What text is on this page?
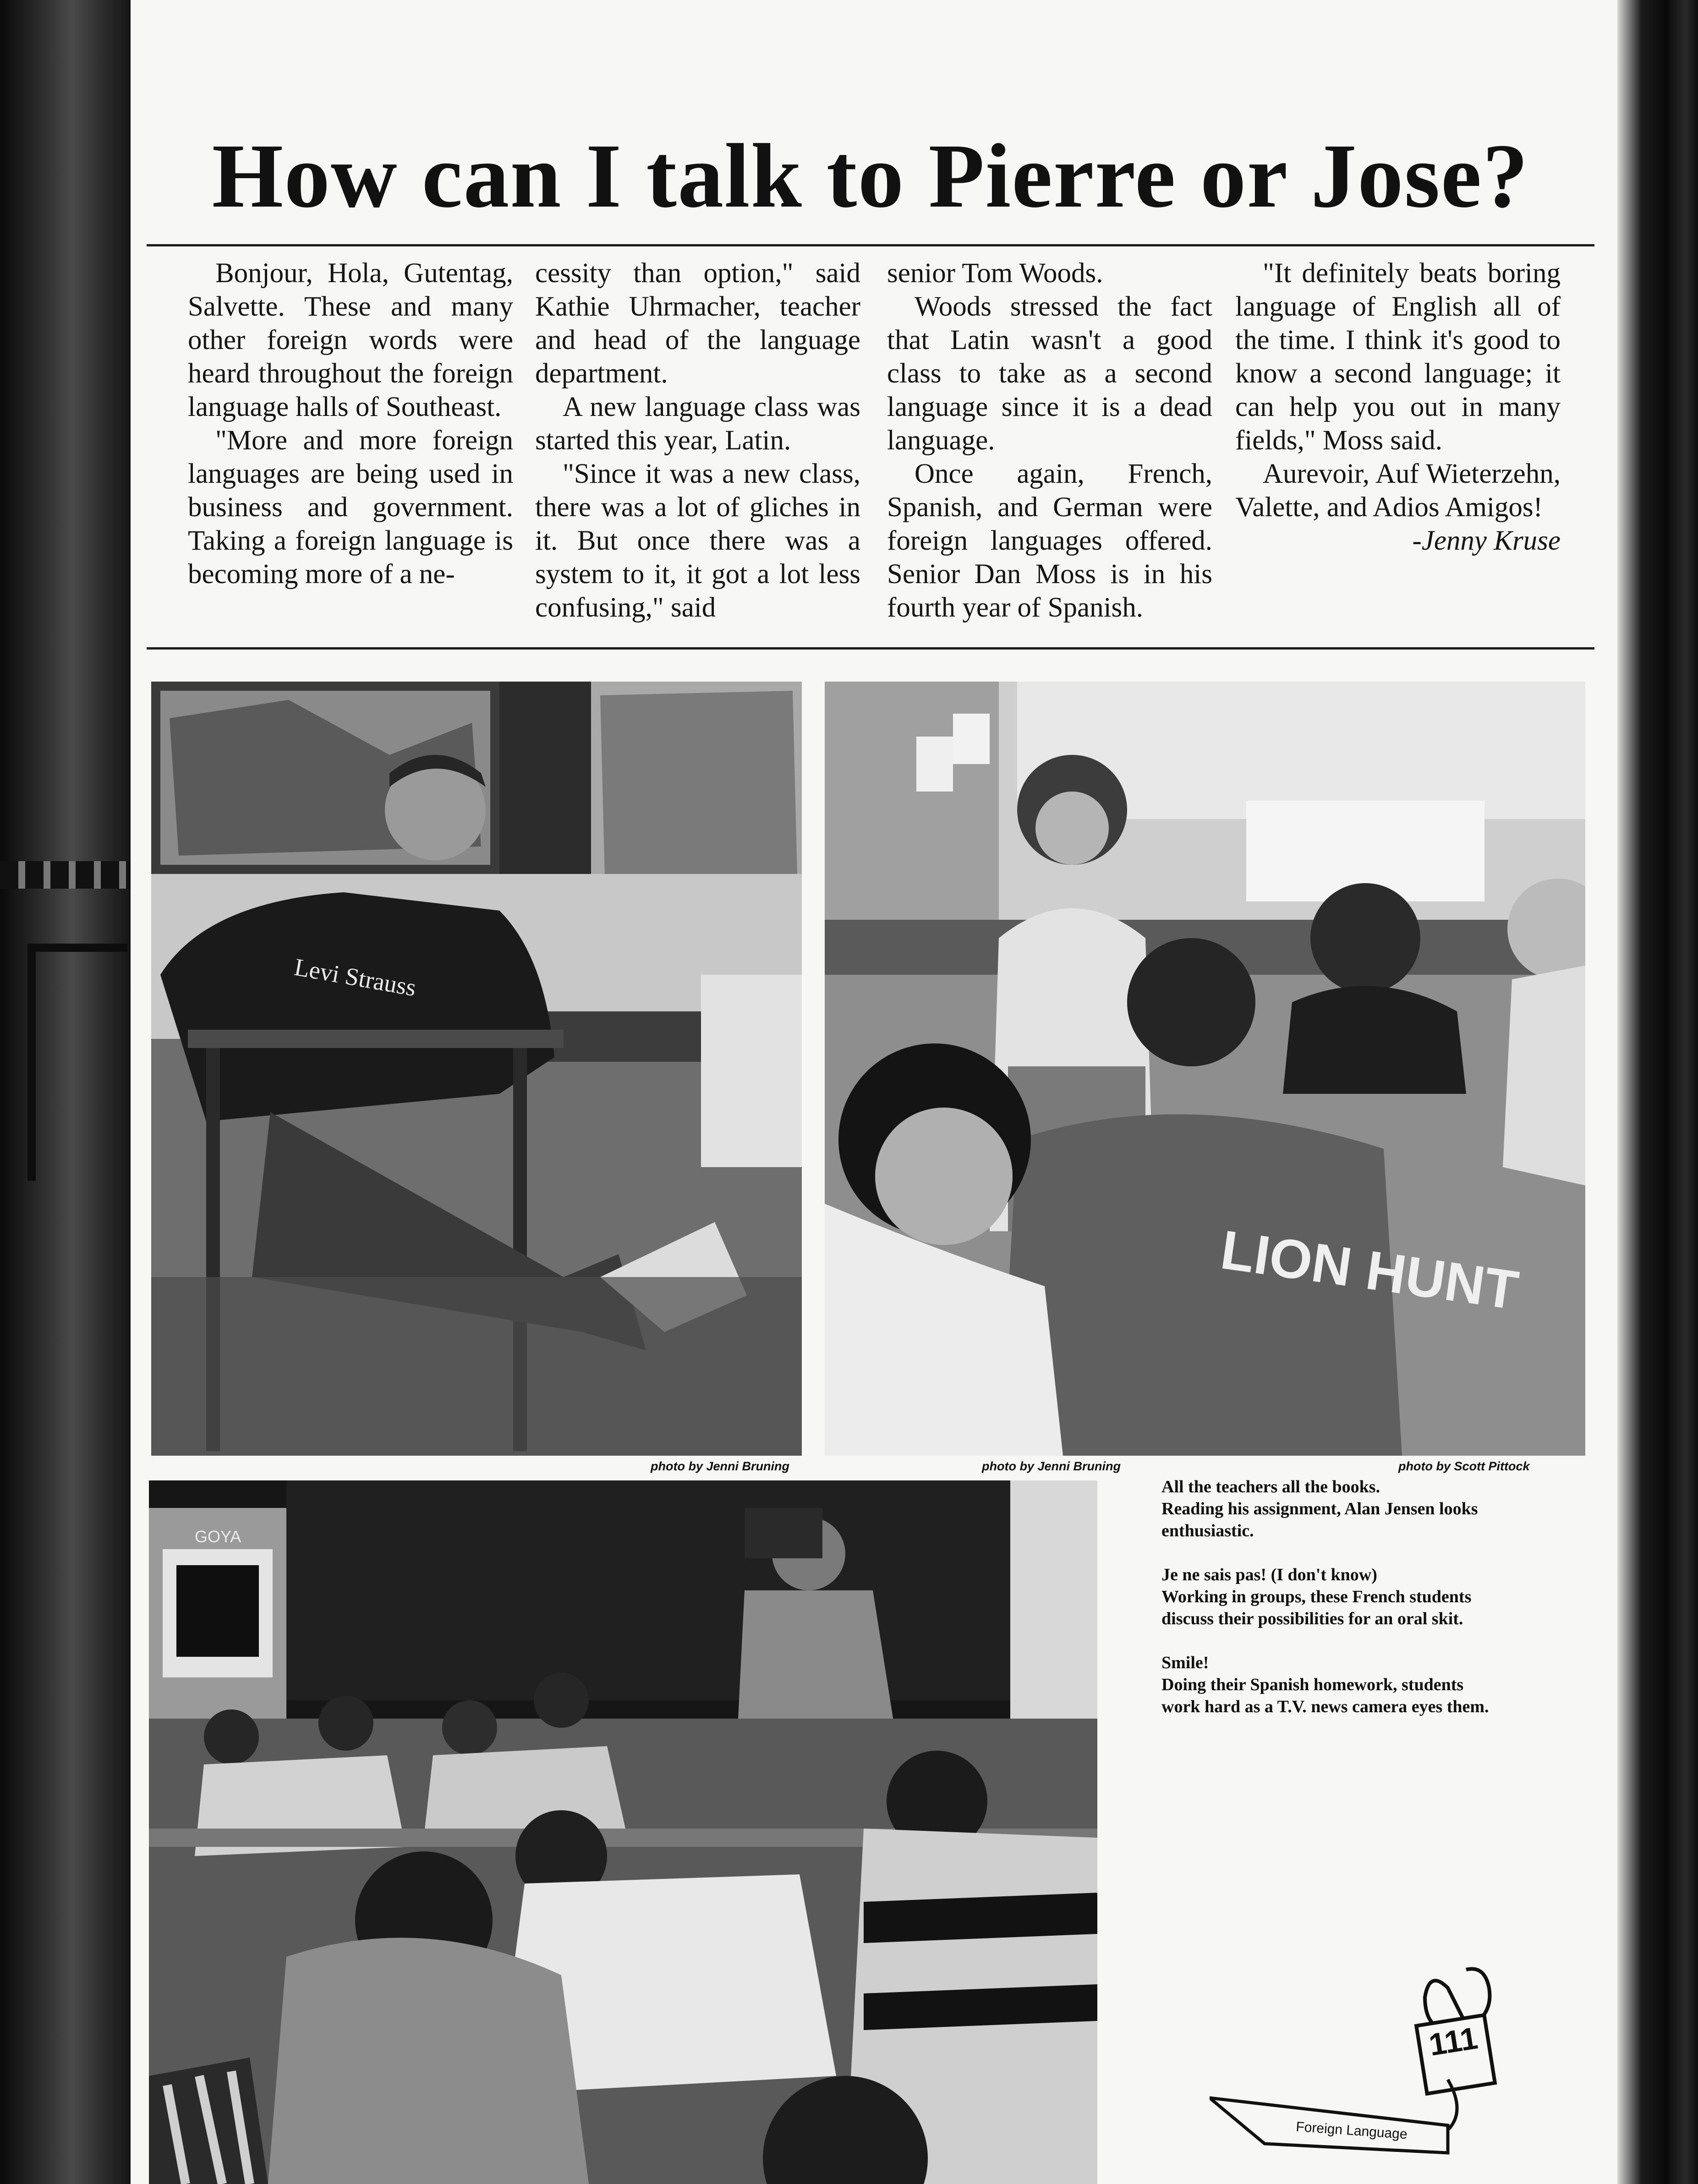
How can I talk to Pierre or Jose?

Bonjour, Hola, Gutentag, Salvette. These and many other foreign words were heard throughout the foreign language halls of Southeast.

"More and more foreign languages are being used in business and government. Taking a foreign language is becoming more of a ne-

cessity than option," said Kathie Uhrmacher, teacher and head of the language department.

A new language class was started this year, Latin.

"Since it was a new class, there was a lot of gliches in it. But once there was a system to it, it got a lot less confusing," said

senior Tom Woods.

Woods stressed the fact that Latin wasn't a good class to take as a second language since it is a dead language.

Once again, French, Spanish, and German were foreign languages offered. Senior Dan Moss is in his fourth year of Spanish.

"It definitely beats boring language of English all of the time. I think it's good to know a second language; it can help you out in many fields," Moss said.

Aurevoir, Auf Wieterzehn, Valette, and Adios Amigos!

-Jenny Kruse

Levi Strauss
photo by Jenni Bruning
LION HUNT
photo by Jenni Bruning	photo by Scott Pittock
GOYA

All the teachers all the books.
Reading his assignment, Alan Jensen looks enthusiastic.

Je ne sais pas! (I don't know)
Working in groups, these French students discuss their possibilities for an oral skit.

Smile!
Doing their Spanish homework, students work hard as a T.V. news camera eyes them.

111
Foreign Language
